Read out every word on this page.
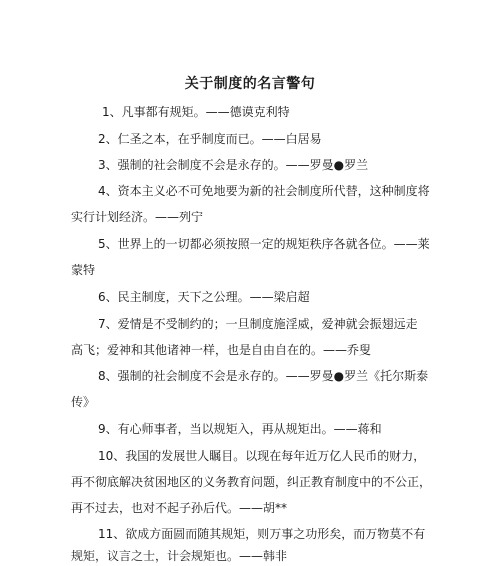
关于制度的名言警句
1、凡事都有规矩。——德谟克利特
2、仁圣之本，在乎制度而已。——白居易
3、强制的社会制度不会是永存的。——罗曼●罗兰
4、资本主义必不可免地要为新的社会制度所代替，这种制度将
实行计划经济。——列宁
5、世界上的一切都必须按照一定的规矩秩序各就各位。——莱
蒙特
6、民主制度，天下之公理。——梁启超
7、爱情是不受制约的；一旦制度施淫威，爱神就会振翅远走
高飞；爱神和其他诸神一样，也是自由自在的。——乔叟
8、强制的社会制度不会是永存的。——罗曼●罗兰《托尔斯泰
传》
9、有心师事者，当以规矩入，再从规矩出。——蒋和
10、我国的发展世人瞩目。以现在每年近万亿人民币的财力，
再不彻底解决贫困地区的义务教育问题，纠正教育制度中的不公正，
再不过去，也对不起子孙后代。——胡**
11、欲成方面圆而随其规矩，则万事之功形矣，而万物莫不有
规矩，议言之士，计会规矩也。——韩非
